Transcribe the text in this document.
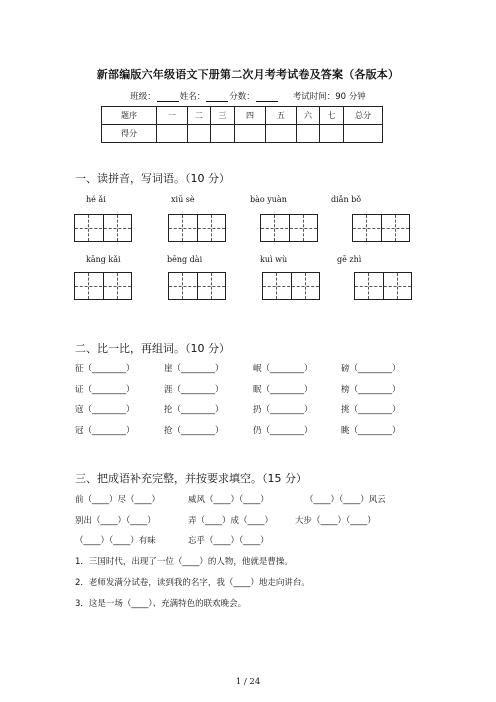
新部编版六年级语文下册第二次月考考试卷及答案（各版本）
班级：	姓名：	分数：	考试时间：90 分钟
题序	一	二	三	四	五	六	七	总分
得分								
一、读拼音，写词语。（10 分）
hé ǎi	xiū sè	bào yuàn	diǎn bǒ
kāng kǎi	bēng dài	kuì wù	gē zhì
二、比一比，再组词。（10 分）
征（________）	崖（________）	岷（________）	磅（________）
证（________）	涯（________）	眠（________）	榜（________）
寇（________）	抡（________）	扔（________）	挑（________）
冠（________）	抢（________）	仍（________）	眺（________）
三、把成语补充完整，并按要求填空。（15 分）
前（____）尽（____）	威风（____）（____）	（____）（____）风云
别出（____）（____）	弄（____）成（____）	大步（____）（____）
（____）（____）有味	忘乎（____）（____）
1．三国时代，出现了一位（____）的人物，他就是曹操。
2．老师发满分试卷，读到我的名字，我（____）地走向讲台。
3．这是一场（____）、充满特色的联欢晚会。
1 / 24
